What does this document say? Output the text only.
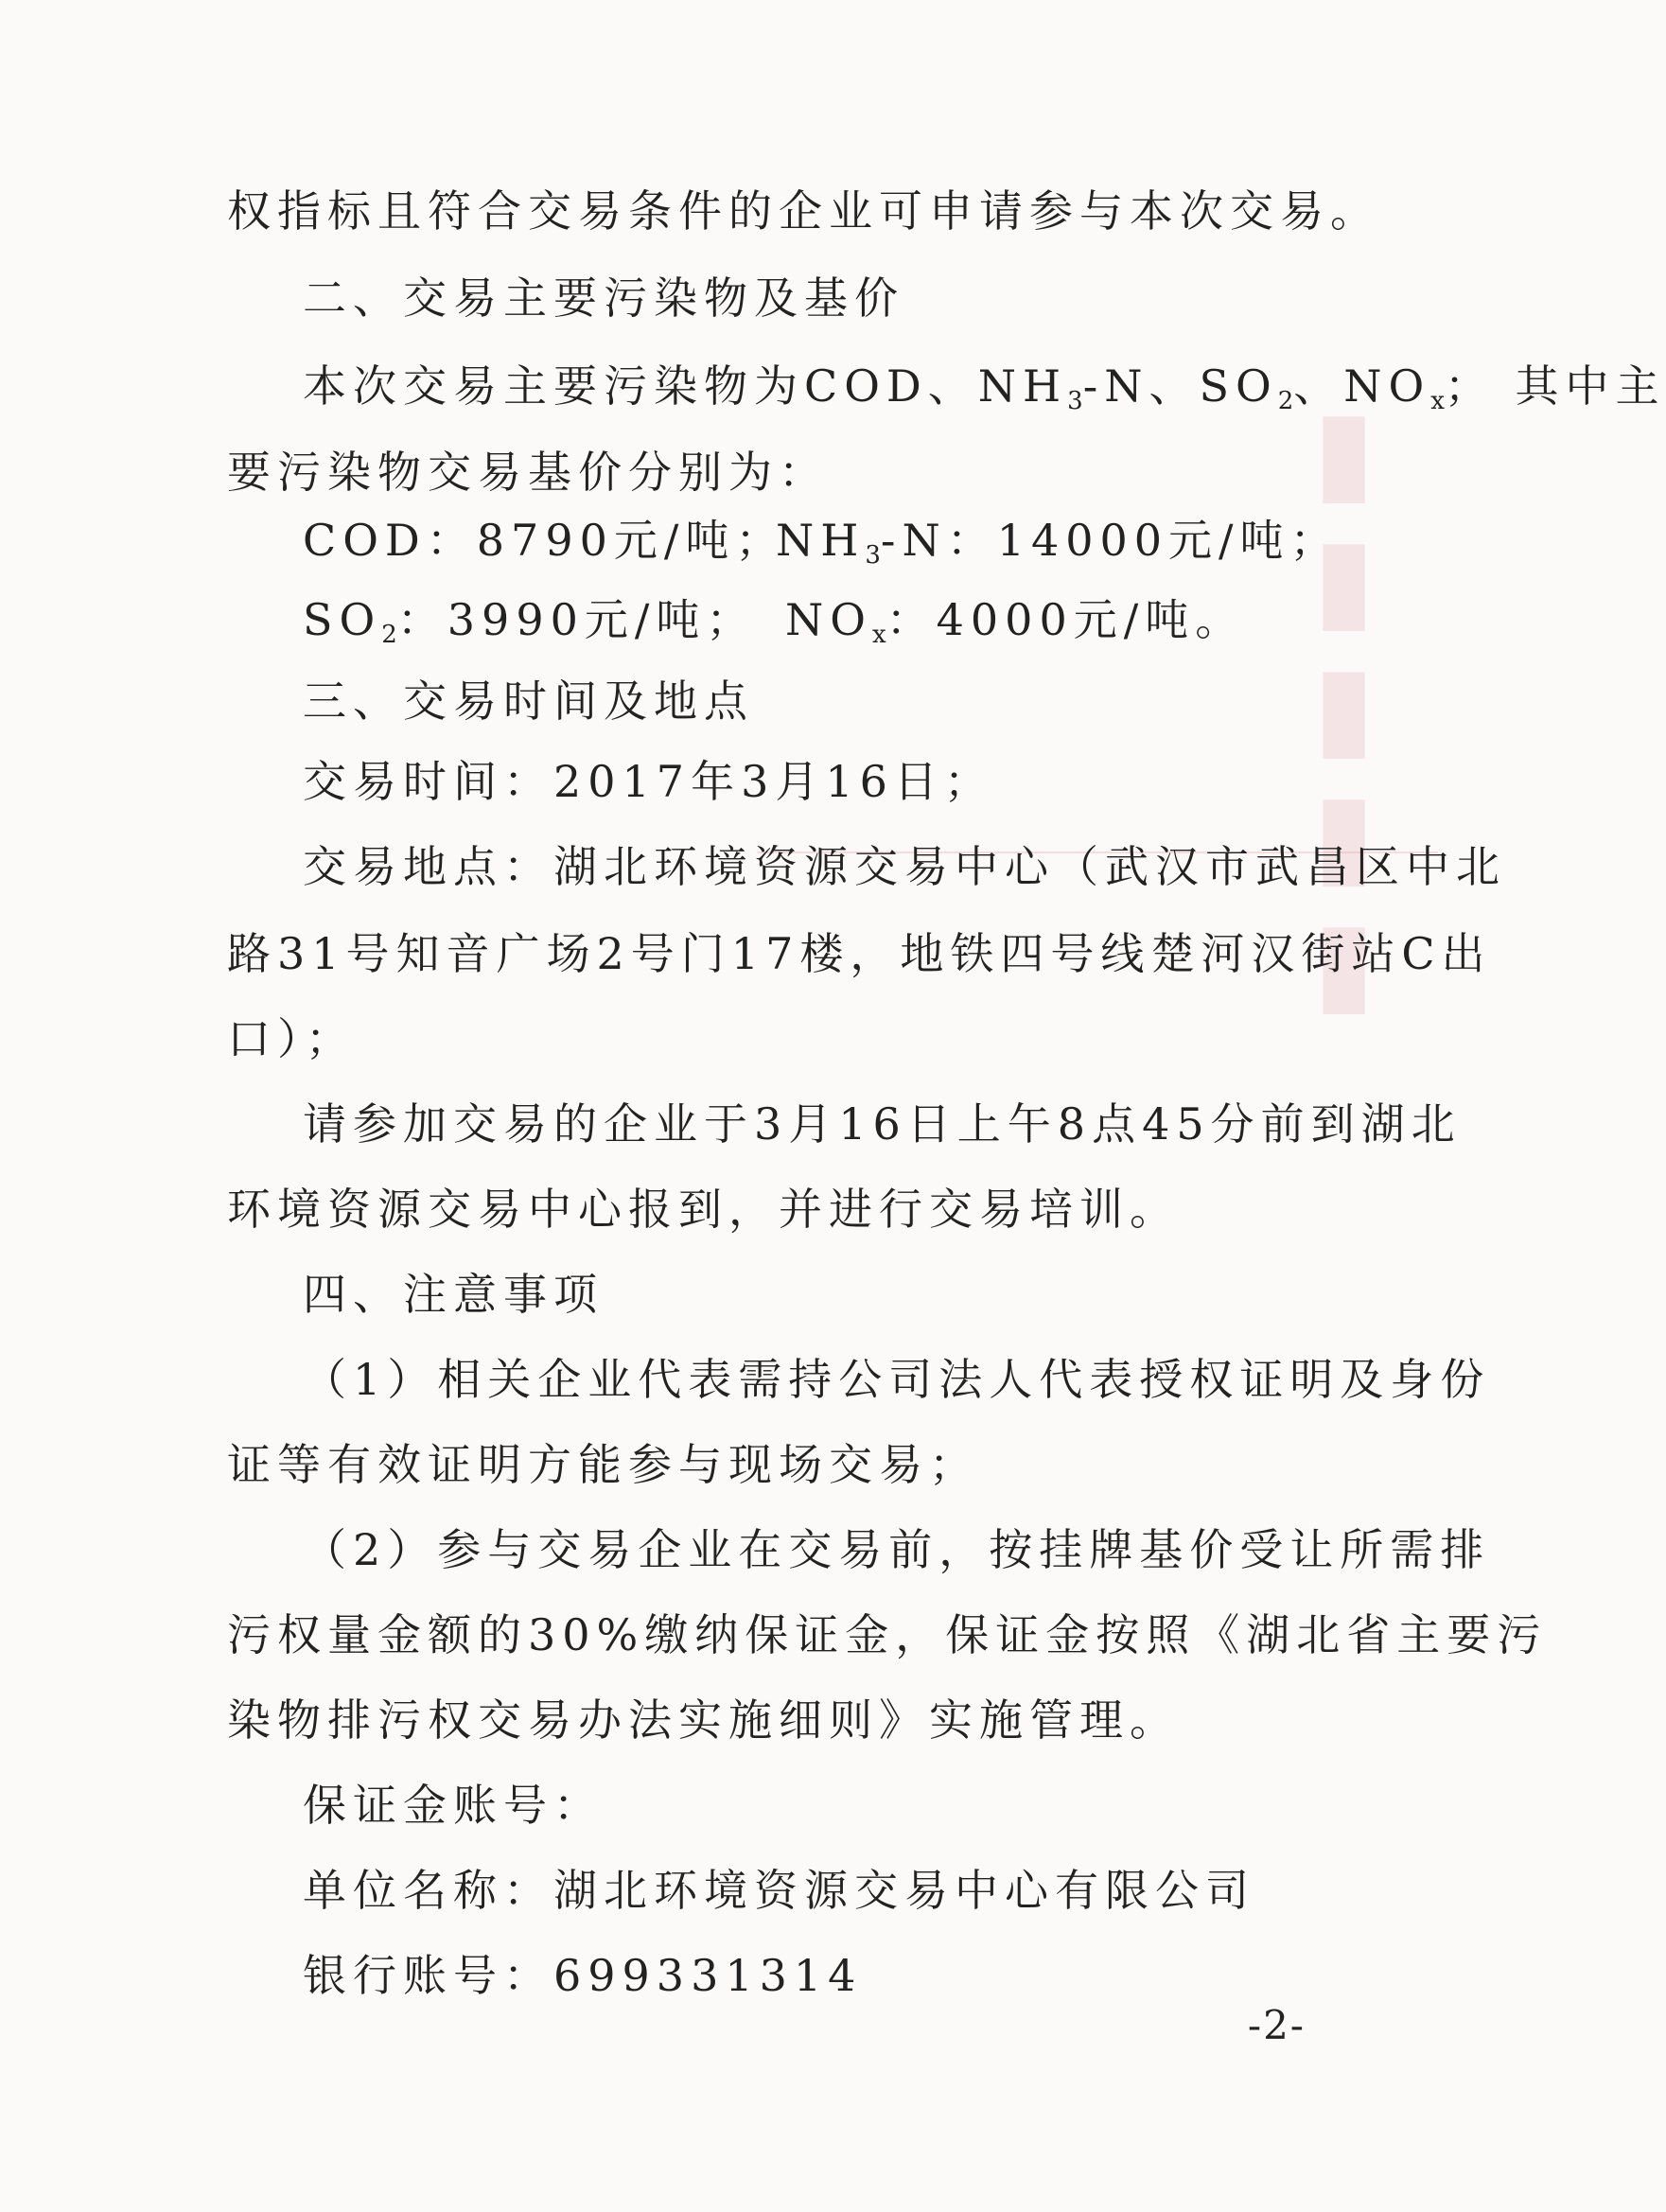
▮▮▮▮▮
权指标且符合交易条件的企业可申请参与本次交易。
二、交易主要污染物及基价
本次交易主要污染物为COD、$NH_3-N$、$SO_2$、$NO_x$； 其中主
要污染物交易基价分别为：
COD：8790元/吨；
$NH_3-N$：14000元/吨；
$SO_2$：3990元/吨； $NO_x$：4000元/吨。
三、交易时间及地点
交易时间：2017年3月16日；
交易地点：湖北环境资源交易中心（武汉市武昌区中北
路31号知音广场2号门17楼，地铁四号线楚河汉街站C出
口）；
请参加交易的企业于3月16日上午8点45分前到湖北
环境资源交易中心报到，并进行交易培训。
四、注意事项
（1）相关企业代表需持公司法人代表授权证明及身份
证等有效证明方能参与现场交易；
（2）参与交易企业在交易前，按挂牌基价受让所需排
污权量金额的30%缴纳保证金，保证金按照《湖北省主要污
染物排污权交易办法实施细则》实施管理。
保证金账号：
单位名称：湖北环境资源交易中心有限公司
银行账号：699331314
-2-
